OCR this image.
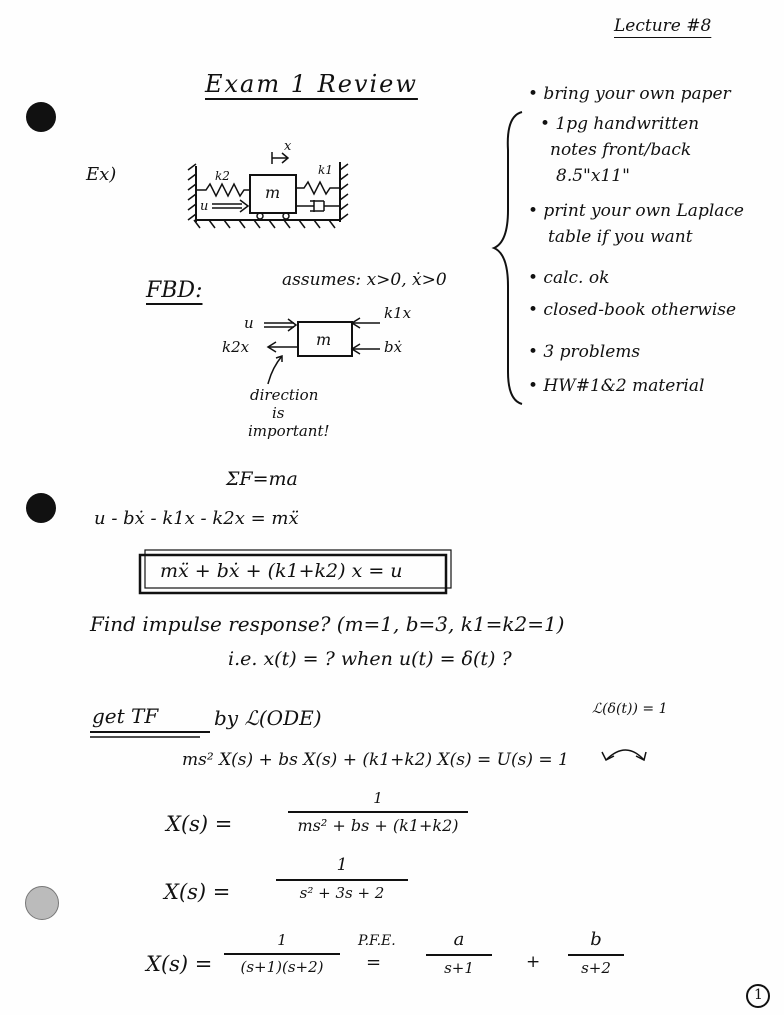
Lecture #8
Exam 1 Review	• bring your own paper
• 1pg handwritten
notes front/back
8.5"x11"
• print your own Laplace
table if you want
• calc. ok
• closed-book otherwise
• 3 problems
• HW#1&2 material
x
k2	k1
m
u
m
Ex)
FBD:	assumes: x>0, ẋ>0
u
k2x
k1x
bẋ
direction
is
important!
ΣF=ma
u - bẋ - k1x - k2x = mẍ
mẍ + bẋ + (k1+k2) x = u
Find impulse response? (m=1, b=3, k1=k2=1)
i.e. x(t) = ? when u(t) = δ(t) ?
get TF	by ℒ(ODE)	ℒ(δ(t)) = 1
ms² X(s) + bs X(s) + (k1+k2) X(s) = U(s) = 1
X(s) =
1
ms² + bs + (k1+k2)
X(s) =
1
s² + 3s + 2
X(s) =
1
(s+1)(s+2)
P.F.E.
=
a
s+1	+
b
s+2
1
